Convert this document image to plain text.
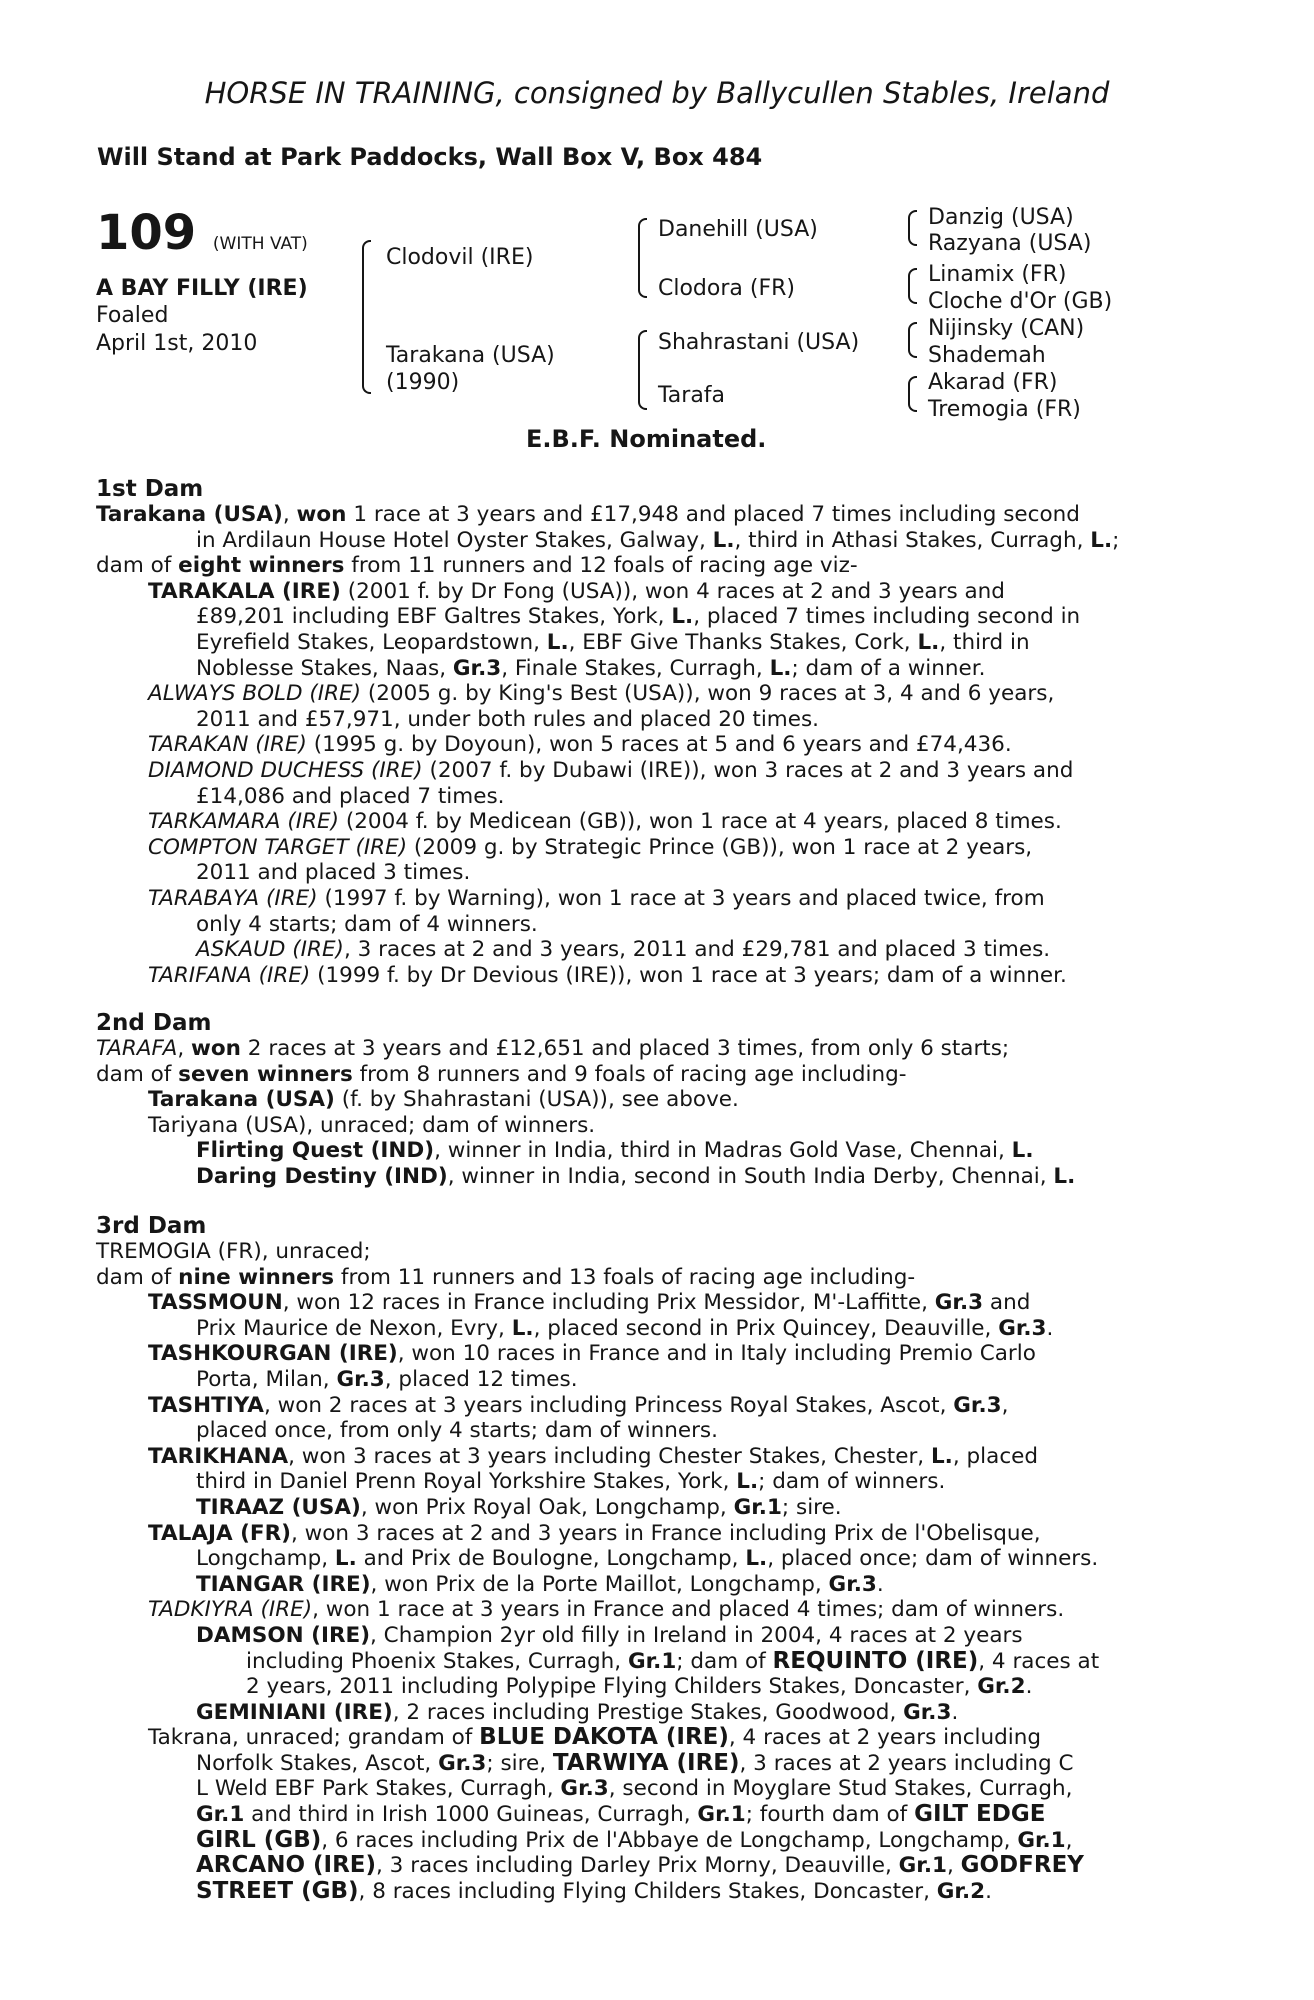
HORSE IN TRAINING, consigned by Ballycullen Stables, Ireland
Will Stand at Park Paddocks, Wall Box V, Box 484
109 (WITH VAT)
A BAY FILLY (IRE)
Foaled
April 1st, 2010
Clodovil (IRE)
Tarakana (USA)
(1990)
Danehill (USA)
Clodora (FR)
Shahrastani (USA)
Tarafa
Danzig (USA)
Razyana (USA)
Linamix (FR)
Cloche d'Or (GB)
Nijinsky (CAN)
Shademah
Akarad (FR)
Tremogia (FR)
E.B.F. Nominated.
1st Dam
Tarakana (USA), won 1 race at 3 years and £17,948 and placed 7 times including second
in Ardilaun House Hotel Oyster Stakes, Galway, L., third in Athasi Stakes, Curragh, L.;
dam of eight winners from 11 runners and 12 foals of racing age viz-
TARAKALA (IRE) (2001 f. by Dr Fong (USA)), won 4 races at 2 and 3 years and
£89,201 including EBF Galtres Stakes, York, L., placed 7 times including second in
Eyrefield Stakes, Leopardstown, L., EBF Give Thanks Stakes, Cork, L., third in
Noblesse Stakes, Naas, Gr.3, Finale Stakes, Curragh, L.; dam of a winner.
ALWAYS BOLD (IRE) (2005 g. by King's Best (USA)), won 9 races at 3, 4 and 6 years,
2011 and £57,971, under both rules and placed 20 times.
TARAKAN (IRE) (1995 g. by Doyoun), won 5 races at 5 and 6 years and £74,436.
DIAMOND DUCHESS (IRE) (2007 f. by Dubawi (IRE)), won 3 races at 2 and 3 years and
£14,086 and placed 7 times.
TARKAMARA (IRE) (2004 f. by Medicean (GB)), won 1 race at 4 years, placed 8 times.
COMPTON TARGET (IRE) (2009 g. by Strategic Prince (GB)), won 1 race at 2 years,
2011 and placed 3 times.
TARABAYA (IRE) (1997 f. by Warning), won 1 race at 3 years and placed twice, from
only 4 starts; dam of 4 winners.
ASKAUD (IRE), 3 races at 2 and 3 years, 2011 and £29,781 and placed 3 times.
TARIFANA (IRE) (1999 f. by Dr Devious (IRE)), won 1 race at 3 years; dam of a winner.
2nd Dam
TARAFA, won 2 races at 3 years and £12,651 and placed 3 times, from only 6 starts;
dam of seven winners from 8 runners and 9 foals of racing age including-
Tarakana (USA) (f. by Shahrastani (USA)), see above.
Tariyana (USA), unraced; dam of winners.
Flirting Quest (IND), winner in India, third in Madras Gold Vase, Chennai, L.
Daring Destiny (IND), winner in India, second in South India Derby, Chennai, L.
3rd Dam
TREMOGIA (FR), unraced;
dam of nine winners from 11 runners and 13 foals of racing age including-
TASSMOUN, won 12 races in France including Prix Messidor, M'-Laffitte, Gr.3 and
Prix Maurice de Nexon, Evry, L., placed second in Prix Quincey, Deauville, Gr.3.
TASHKOURGAN (IRE), won 10 races in France and in Italy including Premio Carlo
Porta, Milan, Gr.3, placed 12 times.
TASHTIYA, won 2 races at 3 years including Princess Royal Stakes, Ascot, Gr.3,
placed once, from only 4 starts; dam of winners.
TARIKHANA, won 3 races at 3 years including Chester Stakes, Chester, L., placed
third in Daniel Prenn Royal Yorkshire Stakes, York, L.; dam of winners.
TIRAAZ (USA), won Prix Royal Oak, Longchamp, Gr.1; sire.
TALAJA (FR), won 3 races at 2 and 3 years in France including Prix de l'Obelisque,
Longchamp, L. and Prix de Boulogne, Longchamp, L., placed once; dam of winners.
TIANGAR (IRE), won Prix de la Porte Maillot, Longchamp, Gr.3.
TADKIYRA (IRE), won 1 race at 3 years in France and placed 4 times; dam of winners.
DAMSON (IRE), Champion 2yr old filly in Ireland in 2004, 4 races at 2 years
including Phoenix Stakes, Curragh, Gr.1; dam of REQUINTO (IRE), 4 races at
2 years, 2011 including Polypipe Flying Childers Stakes, Doncaster, Gr.2.
GEMINIANI (IRE), 2 races including Prestige Stakes, Goodwood, Gr.3.
Takrana, unraced; grandam of BLUE DAKOTA (IRE), 4 races at 2 years including
Norfolk Stakes, Ascot, Gr.3; sire, TARWIYA (IRE), 3 races at 2 years including C
L Weld EBF Park Stakes, Curragh, Gr.3, second in Moyglare Stud Stakes, Curragh,
Gr.1 and third in Irish 1000 Guineas, Curragh, Gr.1; fourth dam of GILT EDGE
GIRL (GB), 6 races including Prix de l'Abbaye de Longchamp, Longchamp, Gr.1,
ARCANO (IRE), 3 races including Darley Prix Morny, Deauville, Gr.1, GODFREY
STREET (GB), 8 races including Flying Childers Stakes, Doncaster, Gr.2.
